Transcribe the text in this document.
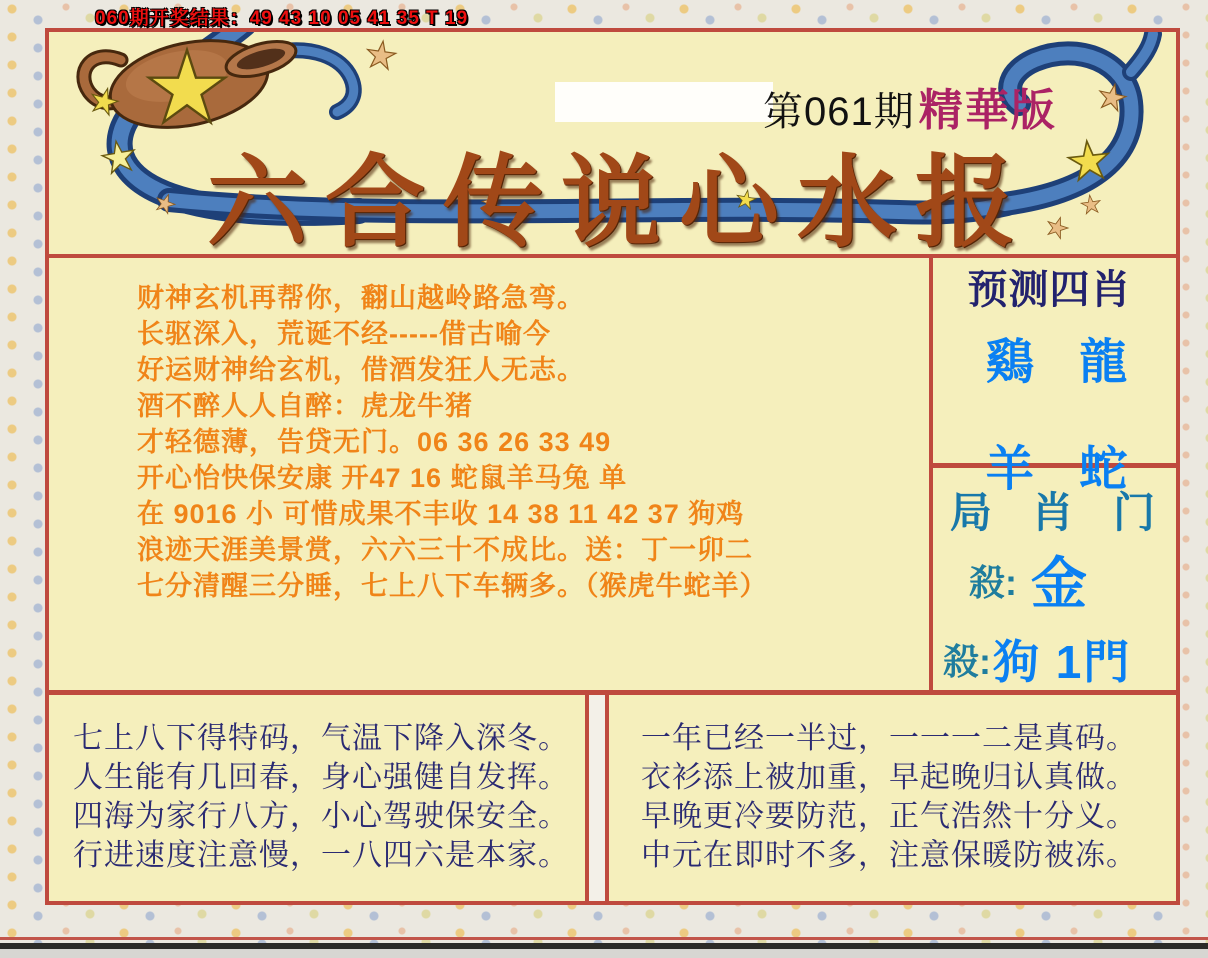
060期开奖结果：49 43 10 05 41 35 T 19
第061期精華版
六合传说心水报
财神玄机再帮你，翻山越岭路急弯。
长驱深入，荒诞不经-----借古喻今
好运财神给玄机，借酒发狂人无志。
酒不醉人人自醉：虎龙牛猪
才轻德薄，告贷无门。06 36 26 33 49
开心怡快保安康 开47 16 蛇鼠羊马兔 单
在 9016 小 可惜成果不丰收 14 38 11 42 37 狗鸡
浪迹天涯美景赏，六六三十不成比。送：丁一卯二
七分清醒三分睡，七上八下车辆多。（猴虎牛蛇羊）
预测四肖
鷄 龍
羊 蛇
局 肖 门
殺: 金
殺: 狗 1門
七上八下得特码，气温下降入深冬。
人生能有几回春，身心强健自发挥。
四海为家行八方，小心驾驶保安全。
行进速度注意慢，一八四六是本家。
一年已经一半过，一一一二是真码。
衣衫添上被加重，早起晚归认真做。
早晚更冷要防范，正气浩然十分义。
中元在即时不多，注意保暖防被冻。
